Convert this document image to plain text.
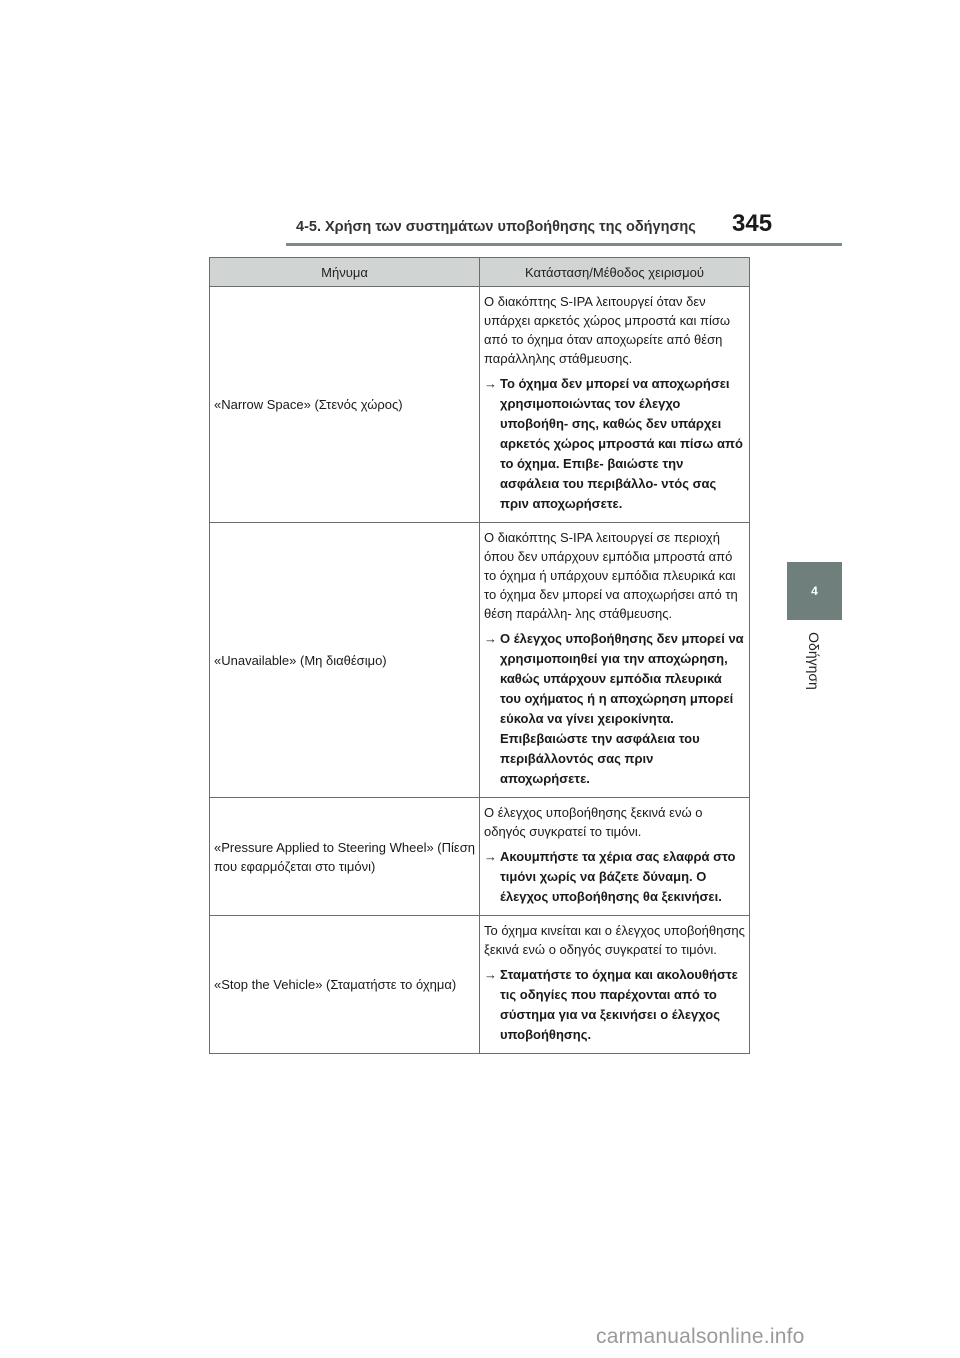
4-5. Χρήση των συστημάτων υποβοήθησης της οδήγησης 345
4
Οδήγηση
Μήνυμα	Κατάσταση/Μέθοδος χειρισμού
«Narrow Space» (Στενός χώρος)	Ο διακόπτης S-IPA λειτουργεί όταν δεν υπάρχει αρκετός χώρος μπροστά και πίσω από το όχημα όταν αποχωρείτε από θέση παράλληλης στάθμευσης.

→ Το όχημα δεν μπορεί να αποχωρήσει χρησιμοποιώντας τον έλεγχο υποβοήθη- σης, καθώς δεν υπάρχει αρκετός χώρος μπροστά και πίσω από το όχημα. Επιβε- βαιώστε την ασφάλεια του περιβάλλο- ντός σας πριν αποχωρήσετε.

«Unavailable» (Μη διαθέσιμο)	Ο διακόπτης S-IPA λειτουργεί σε περιοχή όπου δεν υπάρχουν εμπόδια μπροστά από το όχημα ή υπάρχουν εμπόδια πλευρικά και το όχημα δεν μπορεί να αποχωρήσει από τη θέση παράλλη- λης στάθμευσης.

→ Ο έλεγχος υποβοήθησης δεν μπορεί να χρησιμοποιηθεί για την αποχώρηση, καθώς υπάρχουν εμπόδια πλευρικά του οχήματος ή η αποχώρηση μπορεί εύκολα να γίνει χειροκίνητα. Επιβεβαιώστε την ασφάλεια του περιβάλλοντός σας πριν αποχωρήσετε.

«Pressure Applied to Steering Wheel» (Πίεση που εφαρμόζεται στο τιμόνι)	Ο έλεγχος υποβοήθησης ξεκινά ενώ ο οδηγός συγκρατεί το τιμόνι.

→ Ακουμπήστε τα χέρια σας ελαφρά στο τιμόνι χωρίς να βάζετε δύναμη. Ο έλεγχος υποβοήθησης θα ξεκινήσει.

«Stop the Vehicle» (Σταματήστε το όχημα)	Το όχημα κινείται και ο έλεγχος υποβοήθησης ξεκινά ενώ ο οδηγός συγκρατεί το τιμόνι.

→ Σταματήστε το όχημα και ακολουθήστε τις οδηγίες που παρέχονται από το σύστημα για να ξεκινήσει ο έλεγχος υποβοήθησης.

carmanualsonline.info
